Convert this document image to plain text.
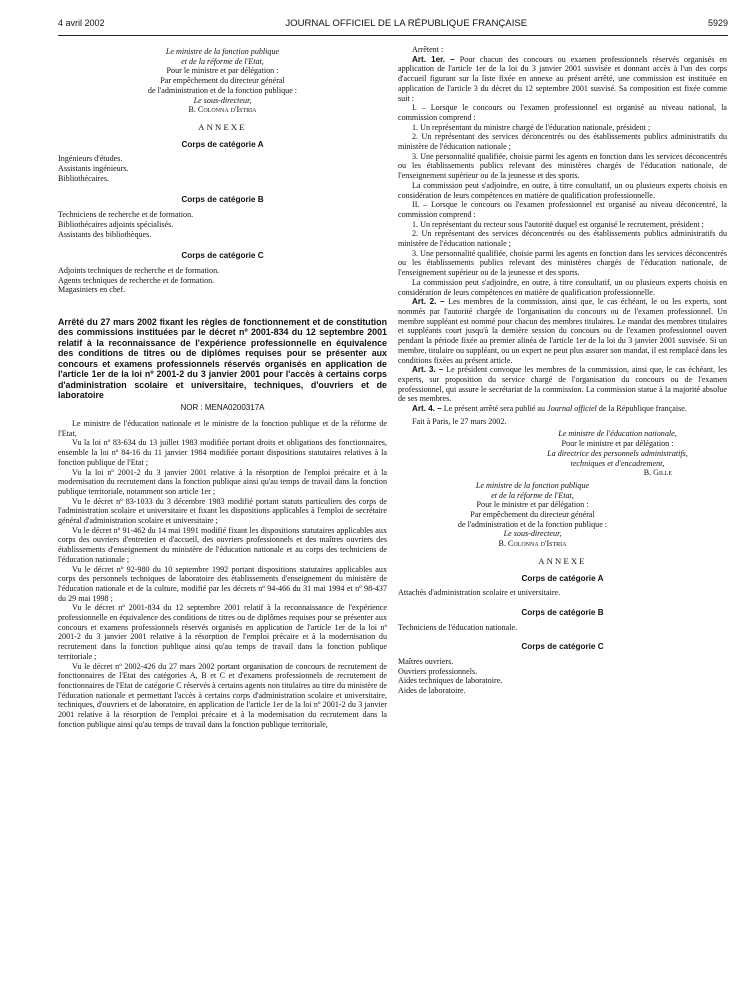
4 avril 2002	JOURNAL OFFICIEL DE LA RÉPUBLIQUE FRANÇAISE	5929

Le ministre de la fonction publique

et de la réforme de l'Etat,

Pour le ministre et par délégation :

Par empêchement du directeur général

de l'administration et de la fonction publique :

Le sous-directeur,

B. Colonna d'Istria

ANNEXE
Corps de catégorie A

Ingénieurs d'études.

Assistants ingénieurs.

Bibliothécaires.

Corps de catégorie B

Techniciens de recherche et de formation.

Bibliothécaires adjoints spécialisés.

Assistants des bibliothèques.

Corps de catégorie C

Adjoints techniques de recherche et de formation.

Agents techniques de recherche et de formation.

Magasiniers en chef.

Arrêté du 27 mars 2002 fixant les règles de fonctionnement et de constitution des commissions instituées par le décret nº 2001-834 du 12 septembre 2001 relatif à la reconnaissance de l'expérience professionnelle en équivalence des conditions de titres ou de diplômes requises pour se présenter aux concours et examens professionnels réservés organisés en application de l'article 1er de la loi nº 2001-2 du 3 janvier 2001 pour l'accès à certains corps d'administration scolaire et universitaire, techniques, d'ouvriers et de laboratoire

NOR : MENA0200317A

Le ministre de l'éducation nationale et le ministre de la fonction publique et de la réforme de l'Etat,

Vu la loi nº 83-634 du 13 juillet 1983 modifiée portant droits et obligations des fonctionnaires, ensemble la loi nº 84-16 du 11 janvier 1984 modifiée portant dispositions statutaires relatives à la fonction publique de l'Etat ;

Vu la loi nº 2001-2 du 3 janvier 2001 relative à la résorption de l'emploi précaire et à la modernisation du recrutement dans la fonction publique ainsi qu'au temps de travail dans la fonction publique territoriale, notamment son article 1er ;

Vu le décret nº 83-1033 du 3 décembre 1983 modifié portant statuts particuliers des corps de l'administration scolaire et universitaire et fixant les dispositions applicables à l'emploi de secrétaire général d'administration scolaire et universitaire ;

Vu le décret nº 91-462 du 14 mai 1991 modifié fixant les dispositions statutaires applicables aux corps des ouvriers d'entretien et d'accueil, des ouvriers professionnels et des maîtres ouvriers des établissements d'enseignement du ministère de l'éducation nationale et au corps des techniciens de l'éducation nationale ;

Vu le décret nº 92-980 du 10 septembre 1992 portant dispositions statutaires applicables aux corps des personnels techniques de laboratoire des établissements d'enseignement du ministère de l'éducation nationale et de la culture, modifié par les décrets nº 94-466 du 31 mai 1994 et nº 98-437 du 29 mai 1998 ;

Vu le décret nº 2001-834 du 12 septembre 2001 relatif à la reconnaissance de l'expérience professionnelle en équivalence des conditions de titres ou de diplômes requises pour se présenter aux concours et examens professionnels réservés organisés en application de l'article 1er de la loi nº 2001-2 du 3 janvier 2001 relative à la résorption de l'emploi précaire et à la modernisation du recrutement dans la fonction publique ainsi qu'au temps de travail dans la fonction publique territoriale ;

Vu le décret nº 2002-426 du 27 mars 2002 portant organisation de concours de recrutement de fonctionnaires de l'Etat des catégories A, B et C et d'examens professionnels de recrutement de fonctionnaires de l'Etat de catégorie C réservés à certains agents non titulaires au titre du ministère de l'éducation nationale et permettant l'accès à certains corps d'administration scolaire et universitaire, techniques, d'ouvriers et de laboratoire, en application de l'article 1er de la loi nº 2001-2 du 3 janvier 2001 relative à la résorption de l'emploi précaire et à la modernisation du recrutement dans la fonction publique ainsi qu'au temps de travail dans la fonction publique territoriale,

Arrêtent :

Art. 1er. – Pour chacun des concours ou examen professionnels réservés organisés en application de l'article 1er de la loi du 3 janvier 2001 susvisée et donnant accès à l'un des corps d'accueil figurant sur la liste fixée en annexe au présent arrêté, une commission est instituée en application de l'article 3 du décret du 12 septembre 2001 susvisé. Sa composition est fixée comme suit :

I. – Lorsque le concours ou l'examen professionnel est organisé au niveau national, la commission comprend :

1. Un représentant du ministre chargé de l'éducation nationale, président ;

2. Un représentant des services déconcentrés ou des établissements publics administratifs du ministère de l'éducation nationale ;

3. Une personnalité qualifiée, choisie parmi les agents en fonction dans les services déconcentrés ou les établissements publics relevant des ministères chargés de l'éducation nationale, de l'enseignement supérieur ou de la jeunesse et des sports.

La commission peut s'adjoindre, en outre, à titre consultatif, un ou plusieurs experts choisis en considération de leurs compétences en matière de qualification professionnelle.

II. – Lorsque le concours ou l'examen professionnel est organisé au niveau déconcentré, la commission comprend :

1. Un représentant du recteur sous l'autorité duquel est organisé le recrutement, président ;

2. Un représentant des services déconcentrés ou des établissements publics administratifs du ministère de l'éducation nationale ;

3. Une personnalité qualifiée, choisie parmi les agents en fonction dans les services déconcentrés ou les établissements publics relevant des ministères chargés de l'éducation nationale, de l'enseignement supérieur ou de la jeunesse et des sports.

La commission peut s'adjoindre, en outre, à titre consultatif, un ou plusieurs experts choisis en considération de leurs compétences en matière de qualification professionnelle.

Art. 2. – Les membres de la commission, ainsi que, le cas échéant, le ou les experts, sont nommés par l'autorité chargée de l'organisation du concours ou de l'examen professionnel. Un membre suppléant est nommé pour chacun des membres titulaires. Le mandat des membres titulaires et suppléants court jusqu'à la dernière session du concours ou de l'examen professionnel ouvert pendant la période fixée au premier alinéa de l'article 1er de la loi du 3 janvier 2001 susvisée. Si un membre, titulaire ou suppléant, ou un expert ne peut plus assurer son mandat, il est remplacé dans les conditions fixées au présent article.

Art. 3. – Le président convoque les membres de la commission, ainsi que, le cas échéant, les experts, sur proposition du service chargé de l'organisation du concours ou de l'examen professionnel, qui assure le secrétariat de la commission. La commission statue à la majorité absolue de ses membres.

Art. 4. – Le présent arrêté sera publié au Journal officiel de la République française.

Fait à Paris, le 27 mars 2002.

Le ministre de l'éducation nationale,

Pour le ministre et par délégation :

La directrice des personnels administratifs,

techniques et d'encadrement,

B. Gille

Le ministre de la fonction publique

et de la réforme de l'Etat,

Pour le ministre et par délégation :

Par empêchement du directeur général

de l'administration et de la fonction publique :

Le sous-directeur,

B. Colonna d'Istria

ANNEXE
Corps de catégorie A

Attachés d'administration scolaire et universitaire.

Corps de catégorie B

Techniciens de l'éducation nationale.

Corps de catégorie C

Maîtres ouvriers.

Ouvriers professionnels.

Aides techniques de laboratoire.

Aides de laboratoire.
